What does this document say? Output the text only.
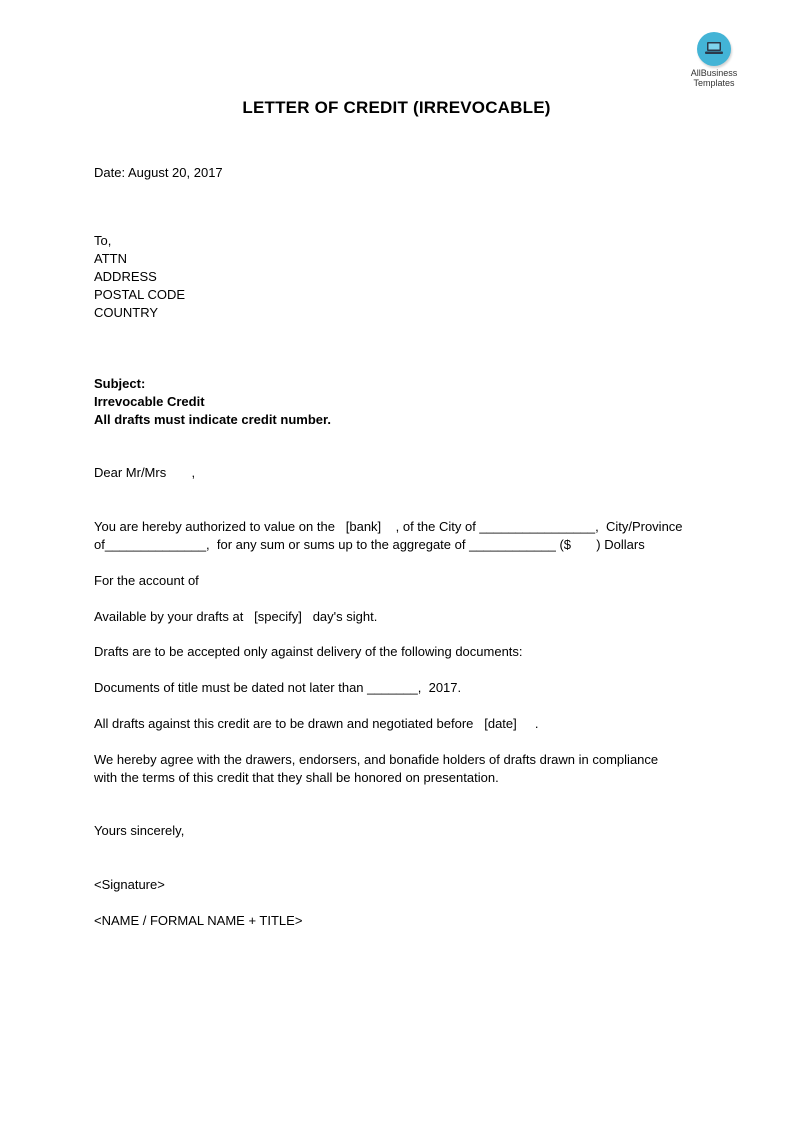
AllBusiness
Templates
LETTER OF CREDIT (IRREVOCABLE)
Date: August 20, 2017
To,
ATTN
ADDRESS
POSTAL CODE
COUNTRY
Subject:
Irrevocable Credit
All drafts must indicate credit number.
Dear Mr/Mrs       ,
You are hereby authorized to value on the   [bank]    , of the City of ________________,  City/Province
of______________,  for any sum or sums up to the aggregate of ____________ ($       ) Dollars
For the account of
Available by your drafts at   [specify]   day's sight.
Drafts are to be accepted only against delivery of the following documents:
Documents of title must be dated not later than _______,  2017.
All drafts against this credit are to be drawn and negotiated before   [date]     .
We hereby agree with the drawers, endorsers, and bonafide holders of drafts drawn in compliance
with the terms of this credit that they shall be honored on presentation.
Yours sincerely,
<Signature>
<NAME / FORMAL NAME + TITLE>
